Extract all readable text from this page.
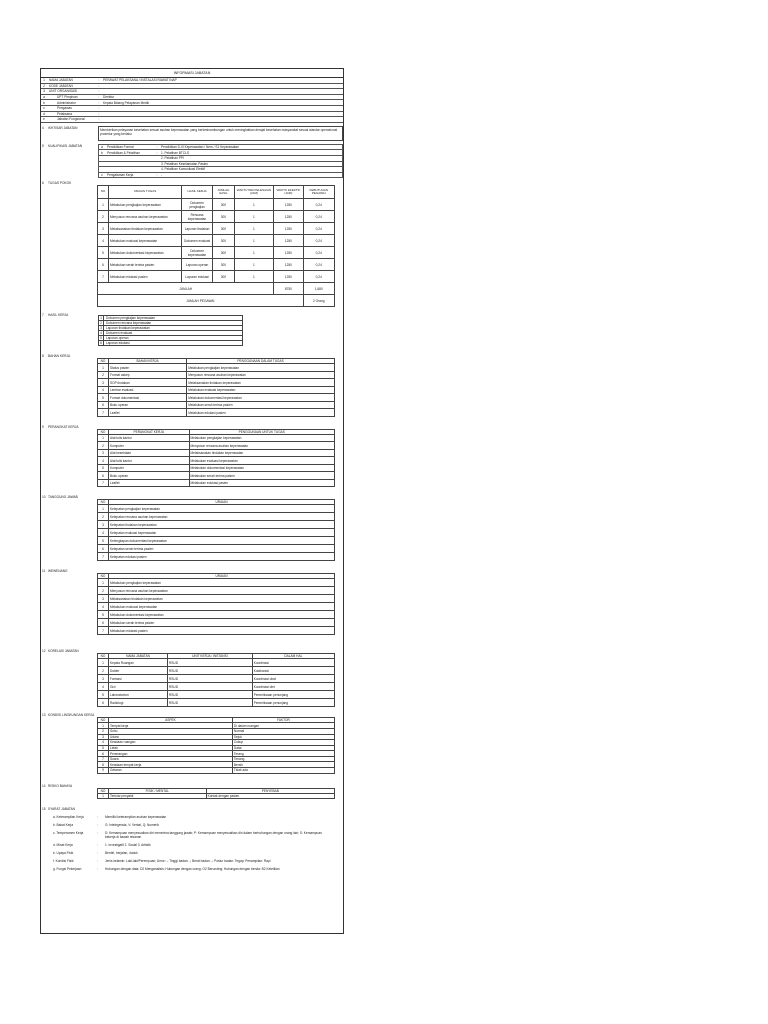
INFORMASI JABATAN
1	NAMA JABATAN	:	PERAWAT PELAKSANA / INSTALASI RAWAT INAP
2	KODE JABATAN	:
3	UNIT ORGANISASI	:
a	UPT Pimpinan	:	Direktur
b	Administrator	:	Kepala Bidang Pelayanan Medik
c	Pengawas	:
d	Pelaksana	:
e	Jabatan Fungsional	:
4	IKHTISAR JABATAN	Memberikan pelayanan kesehatan sesuai asuhan keperawatan yang berkesinambungan untuk meningkatkan derajat kesehatan masyarakat sesuai standar operasional prosedur yang berlaku
5	KUALIFIKASI JABATAN	a	Pendidikan Formal	:	Pendidikan D-III Keperawatan / Ners / S1 Keperawatan
b	Pendidikan & Pelatihan	:	1. Pelatihan BTCLS
2. Pelatihan PPI
3. Pelatihan Keselamatan Pasien
4. Pelatihan Komunikasi Efektif
c	Pengalaman Kerja	:	-
6	TUGAS POKOK
NO	URAIAN TUGAS	HASIL KERJA	JUMLAH HASIL	WAKTU PENYELESAIAN (JAM)	WAKTU EFEKTIF (JAM)	KEBUTUHAN PEGAWAI
1	Melakukan pengkajian keperawatan	Dokumen pengkajian	300	1	1250	0,24
2	Menyusun rencana asuhan keperawatan	Rencana keperawatan	300	1	1250	0,24
3	Melaksanakan tindakan keperawatan	Laporan tindakan	300	1	1250	0,24
4	Melakukan evaluasi keperawatan	Dokumen evaluasi	300	1	1250	0,24
5	Melakukan dokumentasi keperawatan	Dokumen keperawatan	300	1	1250	0,24
6	Melakukan serah terima pasien	Laporan operan	300	1	1250	0,24
7	Melakukan edukasi pasien	Laporan edukasi	300	1	1250	0,24
JUMLAH					8750	1,680
JUMLAH PEGAWAI						2 Orang
7	HASIL KERJA
1	Dokumen pengkajian keperawatan
2	Dokumen rencana keperawatan
3	Laporan tindakan keperawatan
4	Dokumen evaluasi
5	Laporan operan
6	Laporan edukasi
8	BAHAN KERJA
NO	BAHAN KERJA	PENGGUNAAN DALAM TUGAS
1	Status pasien	Melakukan pengkajian keperawatan
2	Format askep	Menyusun rencana asuhan keperawatan
3	SOP tindakan	Melaksanakan tindakan keperawatan
4	Lembar evaluasi	Melakukan evaluasi keperawatan
5	Format dokumentasi	Melakukan dokumentasi keperawatan
6	Buku operan	Melakukan serah terima pasien
7	Leaflet	Melakukan edukasi pasien
9	PERANGKAT KERJA
NO	PERANGKAT KERJA	PENGGUNAAN UNTUK TUGAS
1	Alat tulis kantor	Melakukan pengkajian keperawatan
2	Komputer	Menyusun rencana asuhan keperawatan
3	Alat kesehatan	Melaksanakan tindakan keperawatan
4	Alat tulis kantor	Melakukan evaluasi keperawatan
5	Komputer	Melakukan dokumentasi keperawatan
6	Buku operan	Melakukan serah terima pasien
7	Leaflet	Melakukan edukasi pasien
10 TANGGUNG JAWAB
NO	URAIAN
1	Ketepatan pengkajian keperawatan
2	Ketepatan rencana asuhan keperawatan
3	Ketepatan tindakan keperawatan
4	Ketepatan evaluasi keperawatan
5	Kelengkapan dokumentasi keperawatan
6	Ketepatan serah terima pasien
7	Ketepatan edukasi pasien
11 WEWENANG
NO	URAIAN
1	Melakukan pengkajian keperawatan
2	Menyusun rencana asuhan keperawatan
3	Melaksanakan tindakan keperawatan
4	Melakukan evaluasi keperawatan
5	Melakukan dokumentasi keperawatan
6	Melakukan serah terima pasien
7	Melakukan edukasi pasien
12 KORELASI JABATAN
NO	NAMA JABATAN	UNIT KERJA / INSTANSI	DALAM HAL
1	Kepala Ruangan	RSUD	Koordinasi
2	Dokter	RSUD	Kolaborasi
3	Farmasi	RSUD	Koordinasi obat
4	Gizi	RSUD	Koordinasi diet
5	Laboratorium	RSUD	Pemeriksaan penunjang
6	Radiologi	RSUD	Pemeriksaan penunjang
13 KONDISI LINGKUNGAN KERJA
NO	ASPEK	FAKTOR
1	Tempat kerja	Di dalam ruangan
2	Suhu	Normal
3	Udara	Sejuk
4	Keadaan ruangan	Cukup
5	Letak	Datar
6	Penerangan	Terang
7	Suara	Tenang
8	Keadaan tempat kerja	Bersih
9	Getaran	Tidak ada
14 RISIKO BAHAYA
NO	FISIK / MENTAL	PENYEBAB
1	Tertular penyakit	Kontak dengan pasien
15 SYARAT JABATAN
a. Keterampilan Kerja	:	Memiliki keterampilan asuhan keperawatan
b. Bakat Kerja	:	G: Intelegensia, V: Verbal, Q: Numerik
c. Temperamen Kerja	:	D: Kemampuan menyesuaikan diri menerima tanggung jawab; P: Kemampuan menyesuaikan diri dalam berhubungan dengan orang lain; S: Kemampuan bekerja di bawah tekanan
d. Minat Kerja	:	1. Investigatif 2. Sosial 3. Artistik
e. Upaya Fisik	:	Berdiri, berjalan, duduk
f. Kondisi Fisik	:	Jenis kelamin: Laki-laki/Perempuan; Umur: -; Tinggi badan: -; Berat badan: -; Postur badan: Tegap; Penampilan: Rapi
g. Fungsi Pekerjaan	:	Hubungan dengan data: D2 Menganalisis; Hubungan dengan orang: O2 Berunding; Hubungan dengan benda: B2 Ketelitian
